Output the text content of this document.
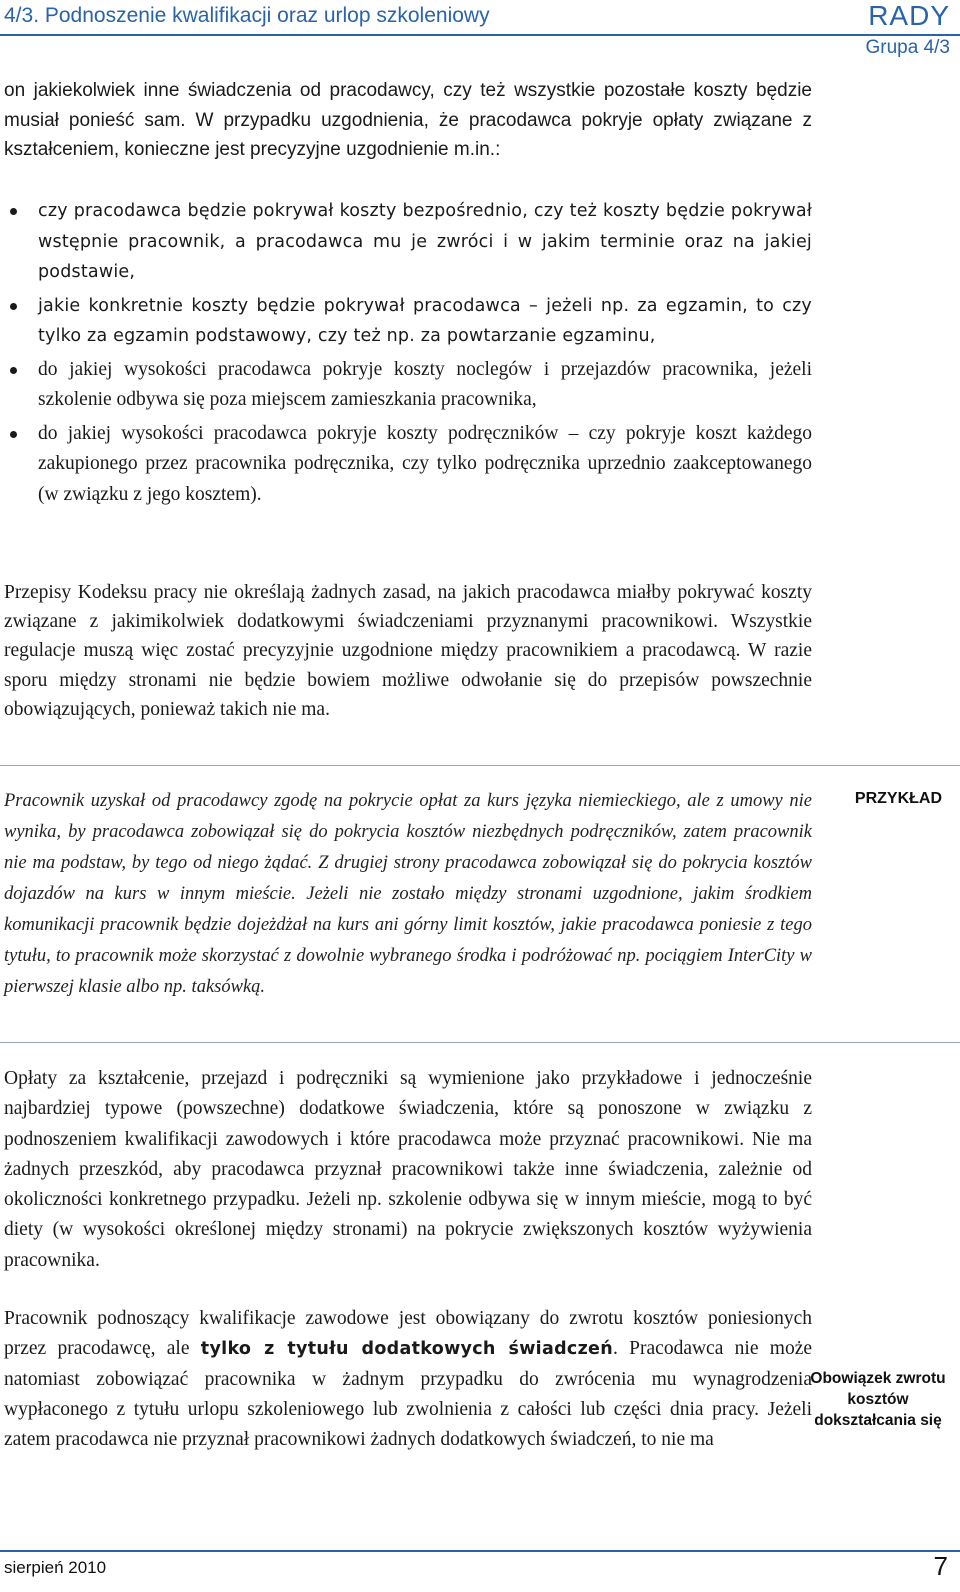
4/3. Podnoszenie kwalifikacji oraz urlop szkoleniowy	RADY
Grupa 4/3

on jakiekolwiek inne świadczenia od pracodawcy, czy też wszystkie pozostałe koszty będzie musiał ponieść sam. W przypadku uzgodnienia, że pracodawca pokryje opłaty związane z kształceniem, konieczne jest precyzyjne uzgodnienie m.in.:

czy pracodawca będzie pokrywał koszty bezpośrednio, czy też koszty będzie pokrywał wstępnie pracownik, a pracodawca mu je zwróci i w jakim terminie oraz na jakiej podstawie,
jakie konkretnie koszty będzie pokrywał pracodawca – jeżeli np. za egzamin, to czy tylko za egzamin podstawowy, czy też np. za powtarzanie egzaminu,
do jakiej wysokości pracodawca pokryje koszty noclegów i przejazdów pracownika, jeżeli szkolenie odbywa się poza miejscem zamieszkania pracownika,
do jakiej wysokości pracodawca pokryje koszty podręczników – czy pokryje koszt każdego zakupionego przez pracownika podręcznika, czy tylko podręcznika uprzednio zaakceptowanego (w związku z jego kosztem).

Przepisy Kodeksu pracy nie określają żadnych zasad, na jakich pracodawca miałby pokrywać koszty związane z jakimikolwiek dodatkowymi świadczeniami przyznanymi pracownikowi. Wszystkie regulacje muszą więc zostać precyzyjnie uzgodnione między pracownikiem a pracodawcą. W razie sporu między stronami nie będzie bowiem możliwe odwołanie się do przepisów powszechnie obowiązujących, ponieważ takich nie ma.

Pracownik uzyskał od pracodawcy zgodę na pokrycie opłat za kurs języka niemieckiego, ale z umowy nie wynika, by pracodawca zobowiązał się do pokrycia kosztów niezbędnych podręczników, zatem pracownik nie ma podstaw, by tego od niego żądać. Z drugiej strony pracodawca zobowiązał się do pokrycia kosztów dojazdów na kurs w innym mieście. Jeżeli nie zostało między stronami uzgodnione, jakim środkiem komunikacji pracownik będzie dojeżdżał na kurs ani górny limit kosztów, jakie pracodawca poniesie z tego tytułu, to pracownik może skorzystać z dowolnie wybranego środka i podróżować np. pociągiem InterCity w pierwszej klasie albo np. taksówką.

PRZYKŁAD

Opłaty za kształcenie, przejazd i podręczniki są wymienione jako przykładowe i jednocześnie najbardziej typowe (powszechne) dodatkowe świadczenia, które są ponoszone w związku z podnoszeniem kwalifikacji zawodowych i które pracodawca może przyznać pracownikowi. Nie ma żadnych przeszkód, aby pracodawca przyznał pracownikowi także inne świadczenia, zależnie od okoliczności konkretnego przypadku. Jeżeli np. szkolenie odbywa się w innym mieście, mogą to być diety (w wysokości określonej między stronami) na pokrycie zwiększonych kosztów wyżywienia pracownika.

Pracownik podnoszący kwalifikacje zawodowe jest obowiązany do zwrotu kosztów poniesionych przez pracodawcę, ale tylko z tytułu dodatkowych świadczeń. Pracodawca nie może natomiast zobowiązać pracownika w żadnym przypadku do zwrócenia mu wynagrodzenia wypłaconego z tytułu urlopu szkoleniowego lub zwolnienia z całości lub części dnia pracy. Jeżeli zatem pracodawca nie przyznał pracownikowi żadnych dodatkowych świadczeń, to nie ma

Obowiązek zwrotu kosztów dokształcania się
sierpień 2010	7
